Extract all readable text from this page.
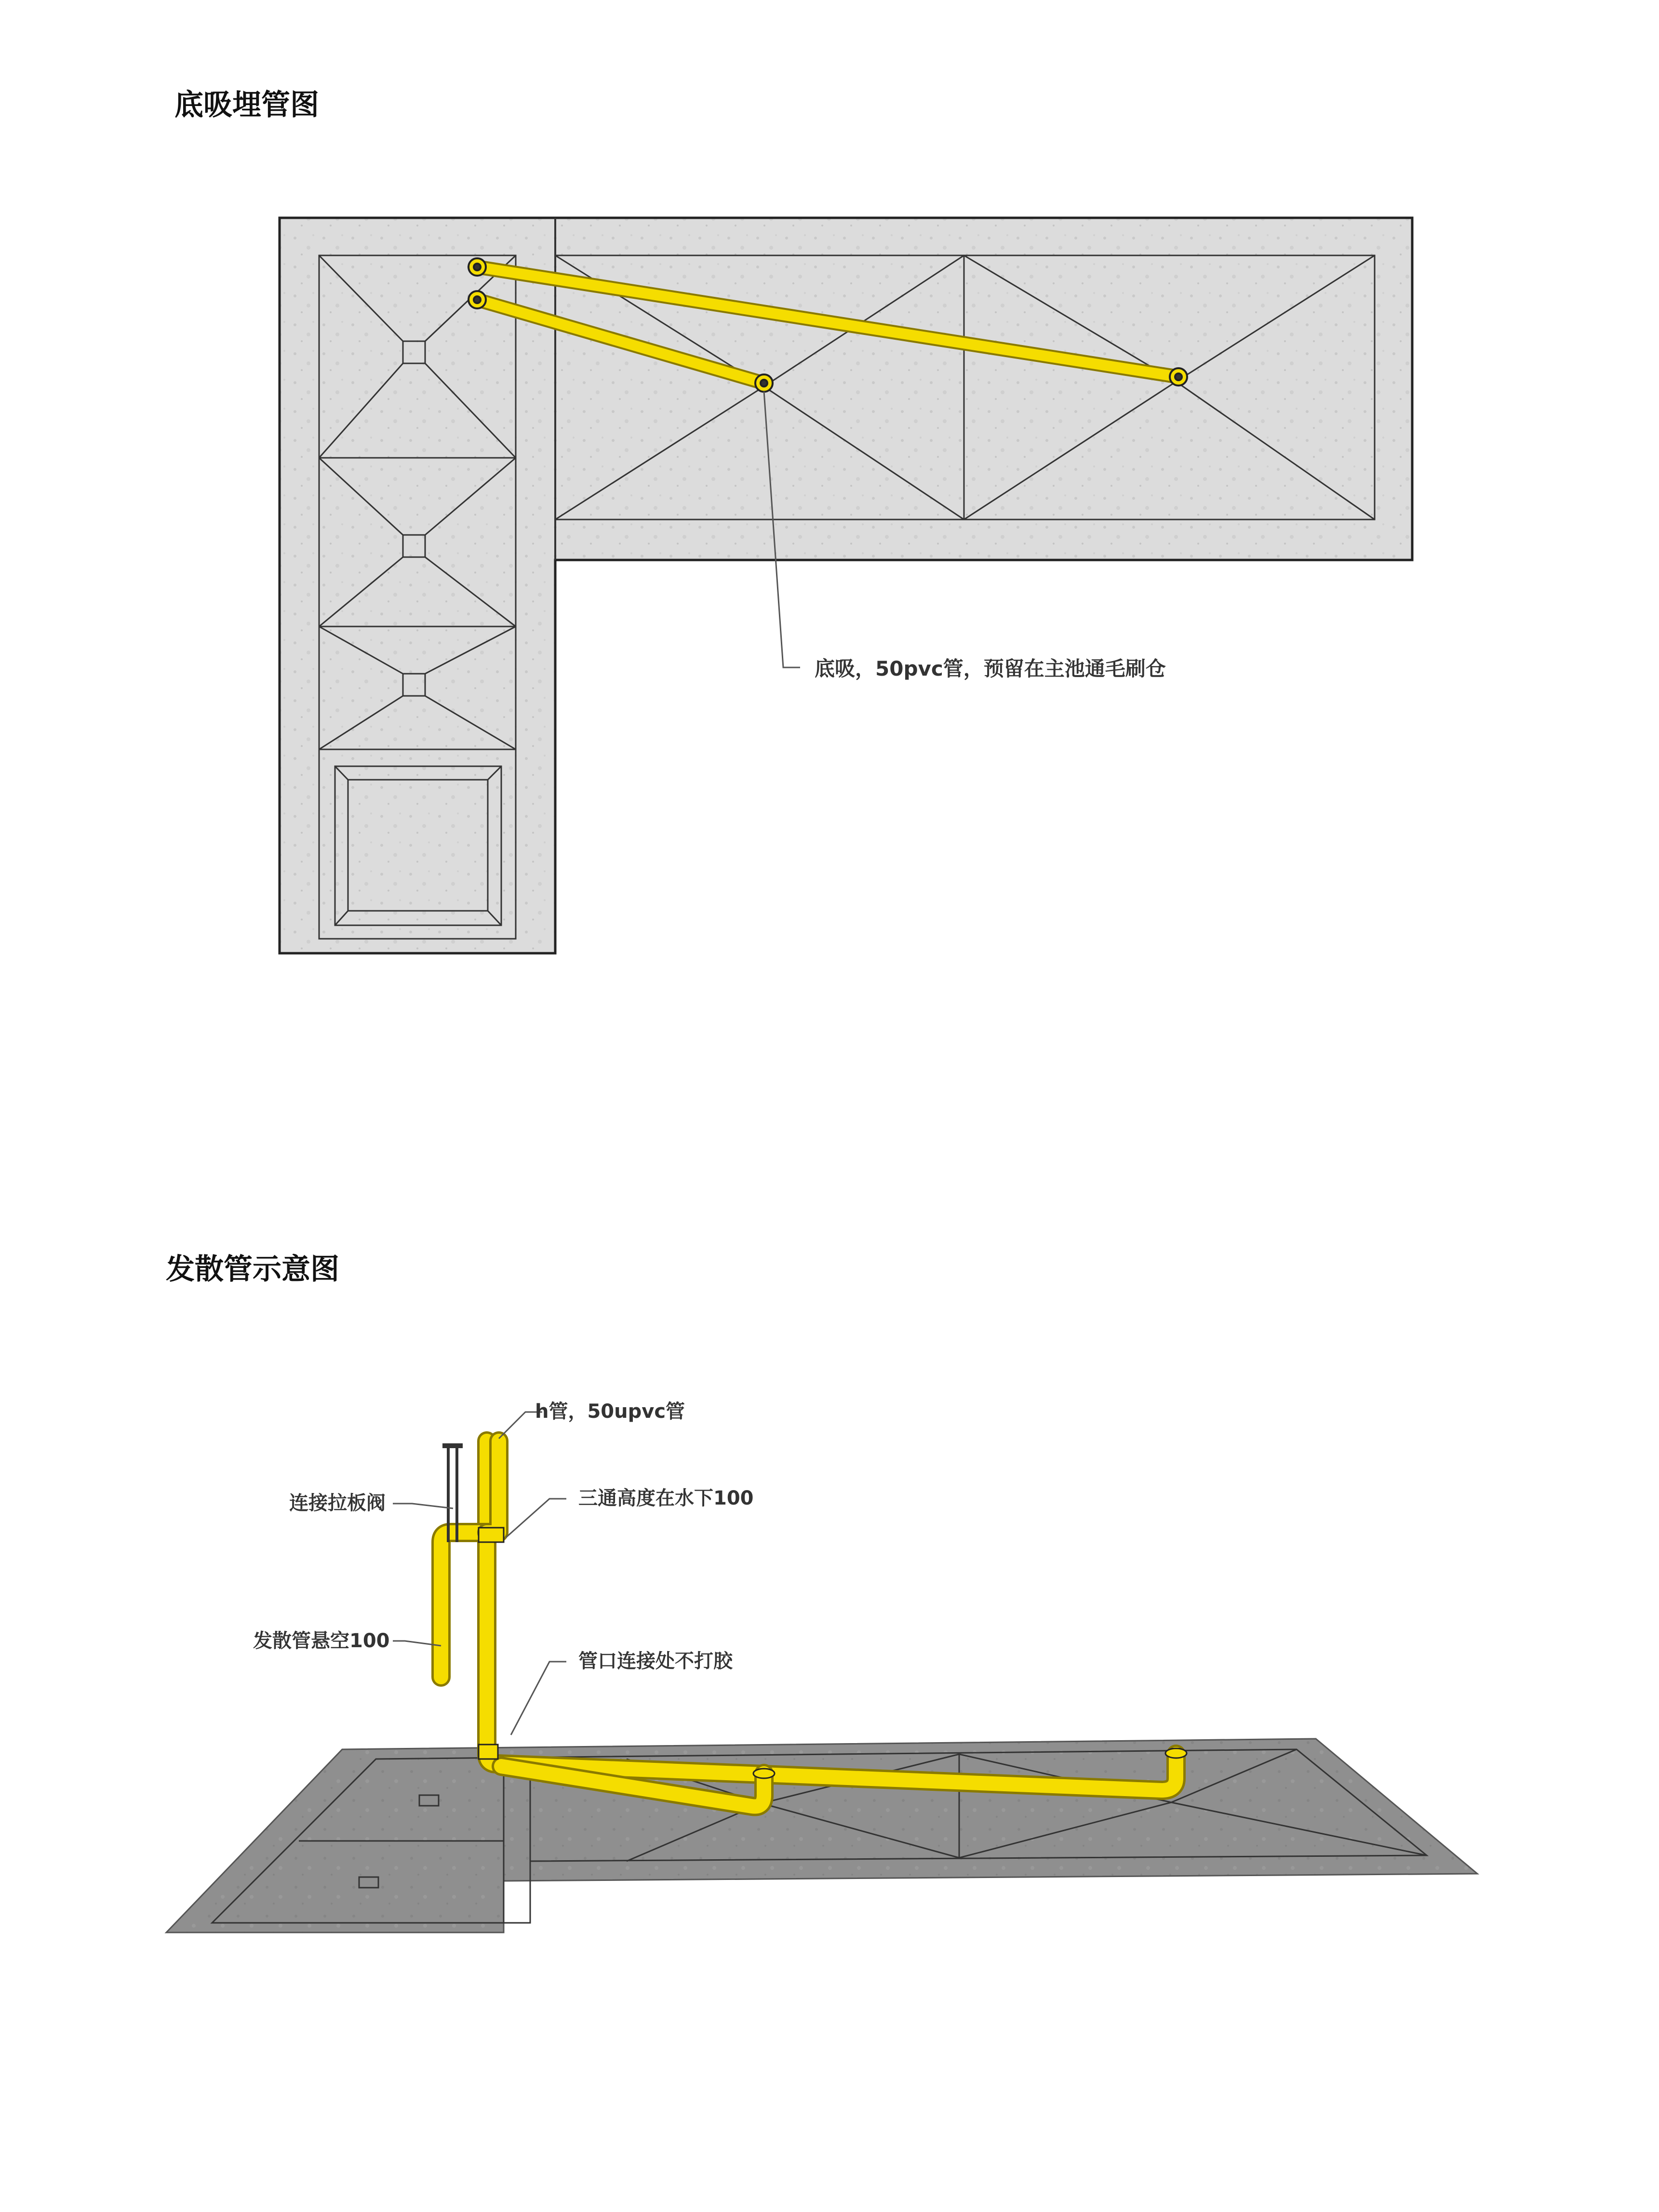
底吸埋管图
发散管示意图
底吸，50pvc管，预留在主池通毛刷仓
h管，50upvc管
连接拉板阀	三通高度在水下100
发散管悬空100
管口连接处不打胶
